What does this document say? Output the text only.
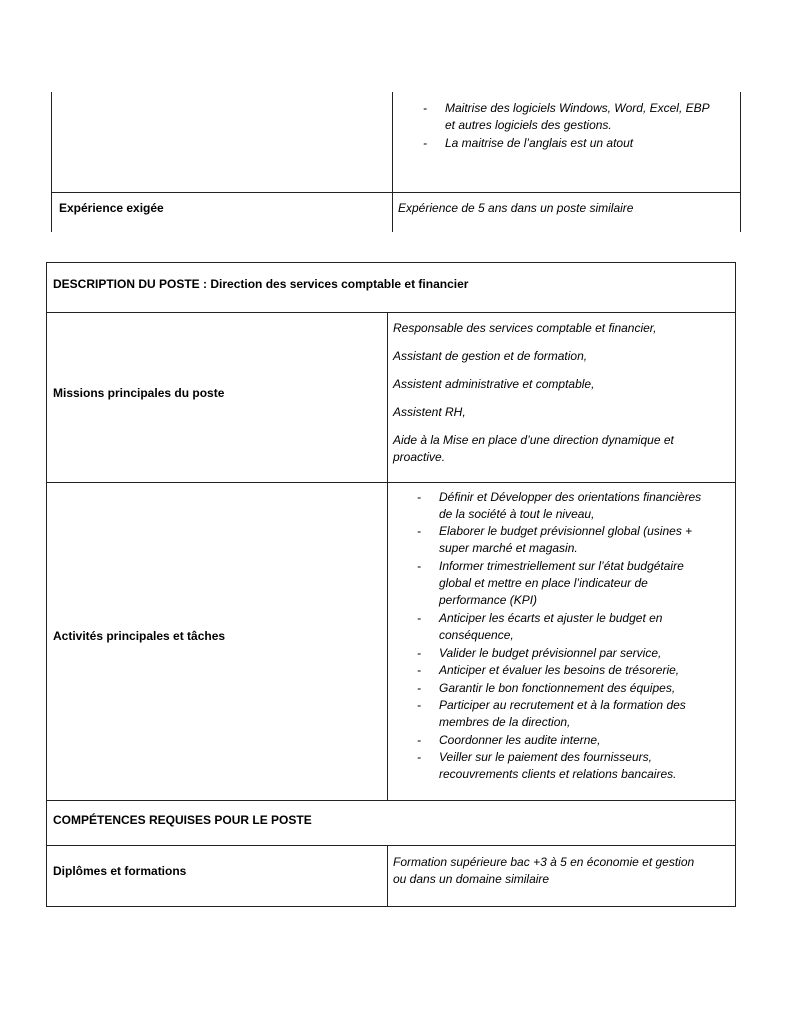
- Maitrise des logiciels Windows, Word, Excel, EBP
et autres logiciels des gestions.
- La maitrise de l’anglais est un atout
Expérience exigée	Expérience de 5 ans dans un poste similaire
DESCRIPTION DU POSTE : Direction des services comptable et financier
Missions principales du poste
Responsable des services comptable et financier,
Assistant de gestion et de formation,
Assistent administrative et comptable,
Assistent RH,
Aide à la Mise en place d’une direction dynamique et
proactive.
Activités principales et tâches
- Définir et Développer des orientations financières
de la société à tout le niveau,
- Elaborer le budget prévisionnel global (usines +
super marché et magasin.
- Informer trimestriellement sur l’état budgétaire
global et mettre en place l’indicateur de
performance (KPI)
- Anticiper les écarts et ajuster le budget en
conséquence,
- Valider le budget prévisionnel par service,
- Anticiper et évaluer les besoins de trésorerie,
- Garantir le bon fonctionnement des équipes,
- Participer au recrutement et à la formation des
membres de la direction,
- Coordonner les audite interne,
- Veiller sur le paiement des fournisseurs,
recouvrements clients et relations bancaires.
COMPÉTENCES REQUISES POUR LE POSTE
Diplômes et formations
Formation supérieure bac +3 à 5 en économie et gestion
ou dans un domaine similaire
